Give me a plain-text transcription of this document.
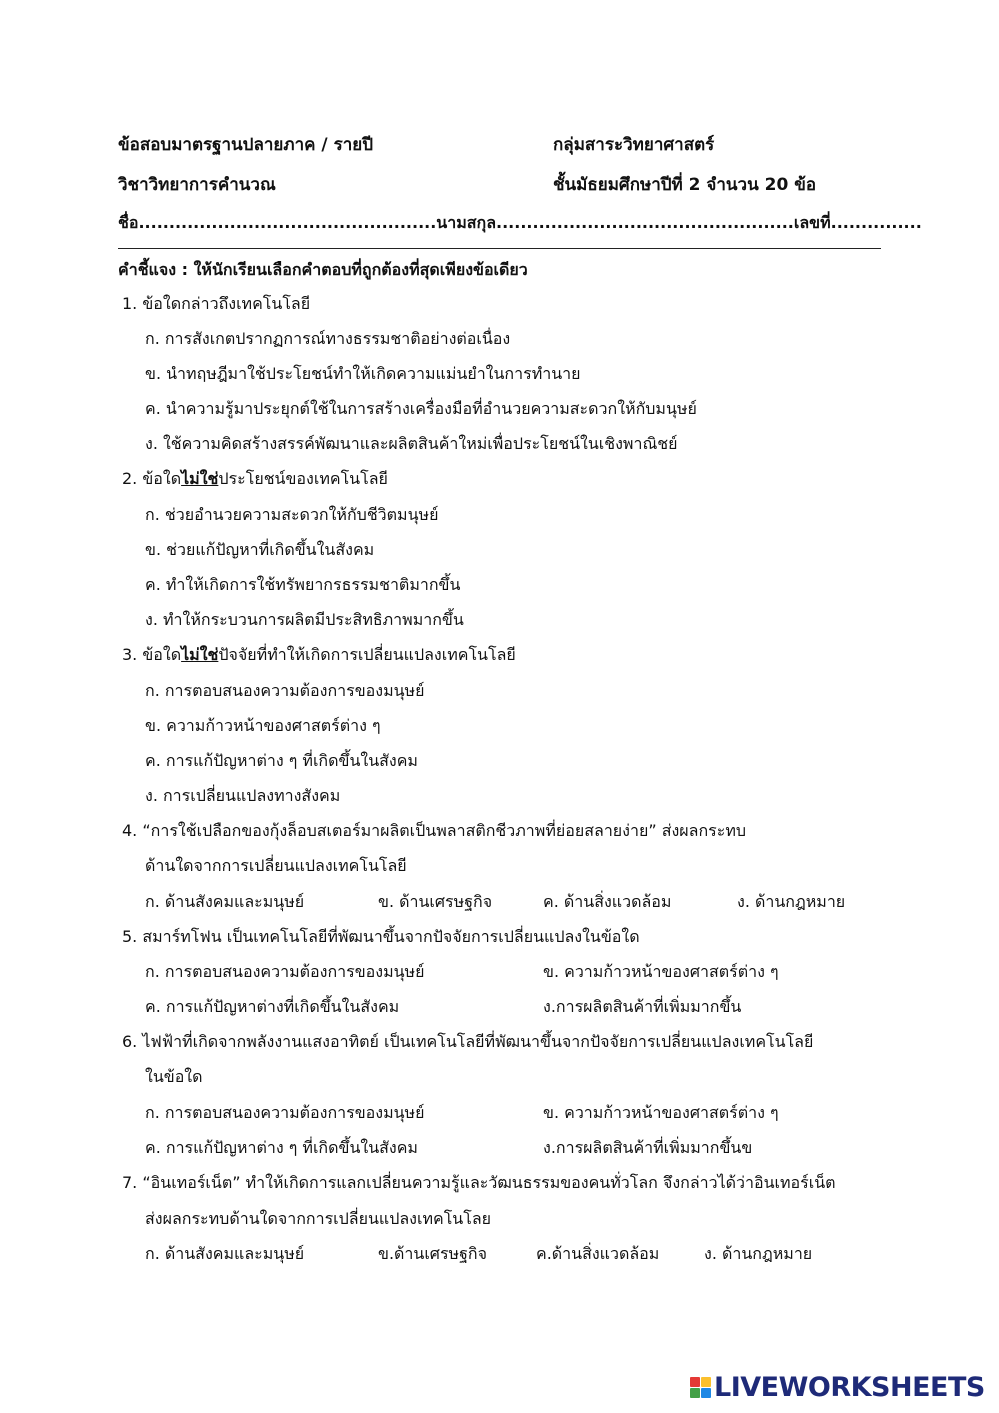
ข้อสอบมาตรฐานปลายภาค / รายปี	กลุ่มสาระวิทยาศาสตร์
วิชาวิทยาการคำนวณ	ชั้นมัธยมศึกษาปีที่ 2 จำนวน 20 ข้อ
ชื่อ.................................................นามสกุล.................................................เลขที่...............
คำชี้แจง : ให้นักเรียนเลือกคำตอบที่ถูกต้องที่สุดเพียงข้อเดียว
1. ข้อใดกล่าวถึงเทคโนโลยี
ก. การสังเกตปรากฏการณ์ทางธรรมชาติอย่างต่อเนื่อง
ข. นำทฤษฎีมาใช้ประโยชน์ทำให้เกิดความแม่นยำในการทำนาย
ค. นำความรู้มาประยุกต์ใช้ในการสร้างเครื่องมือที่อำนวยความสะดวกให้กับมนุษย์
ง. ใช้ความคิดสร้างสรรค์พัฒนาและผลิตสินค้าใหม่เพื่อประโยชน์ในเชิงพาณิชย์
2. ข้อใดไม่ใช่ประโยชน์ของเทคโนโลยี
ก. ช่วยอำนวยความสะดวกให้กับชีวิตมนุษย์
ข. ช่วยแก้ปัญหาที่เกิดขึ้นในสังคม
ค. ทำให้เกิดการใช้ทรัพยากรธรรมชาติมากขึ้น
ง. ทำให้กระบวนการผลิตมีประสิทธิภาพมากขึ้น
3. ข้อใดไม่ใช่ปัจจัยที่ทำให้เกิดการเปลี่ยนแปลงเทคโนโลยี
ก. การตอบสนองความต้องการของมนุษย์
ข. ความก้าวหน้าของศาสตร์ต่าง ๆ
ค. การแก้ปัญหาต่าง ๆ ที่เกิดขึ้นในสังคม
ง. การเปลี่ยนแปลงทางสังคม
4. “การใช้เปลือกของกุ้งล็อบสเตอร์มาผลิตเป็นพลาสติกชีวภาพที่ย่อยสลายง่าย” ส่งผลกระทบ
ด้านใดจากการเปลี่ยนแปลงเทคโนโลยี
ก. ด้านสังคมและมนุษย์	ข. ด้านเศรษฐกิจ	ค. ด้านสิ่งแวดล้อม	ง. ด้านกฎหมาย
5. สมาร์ทโฟน เป็นเทคโนโลยีที่พัฒนาขึ้นจากปัจจัยการเปลี่ยนแปลงในข้อใด
ก. การตอบสนองความต้องการของมนุษย์	ข. ความก้าวหน้าของศาสตร์ต่าง ๆ
ค. การแก้ปัญหาต่างที่เกิดขึ้นในสังคม	ง.การผลิตสินค้าที่เพิ่มมากขึ้น
6. ไฟฟ้าที่เกิดจากพลังงานแสงอาทิตย์ เป็นเทคโนโลยีที่พัฒนาขึ้นจากปัจจัยการเปลี่ยนแปลงเทคโนโลยี
ในข้อใด
ก. การตอบสนองความต้องการของมนุษย์	ข. ความก้าวหน้าของศาสตร์ต่าง ๆ
ค. การแก้ปัญหาต่าง ๆ ที่เกิดขึ้นในสังคม	ง.การผลิตสินค้าที่เพิ่มมากขึ้นข
7. “อินเทอร์เน็ต” ทำให้เกิดการแลกเปลี่ยนความรู้และวัฒนธรรมของคนทั่วโลก จึงกล่าวได้ว่าอินเทอร์เน็ต
ส่งผลกระทบด้านใดจากการเปลี่ยนแปลงเทคโนโลย
ก. ด้านสังคมและมนุษย์	ข.ด้านเศรษฐกิจ	ค.ด้านสิ่งแวดล้อม	ง. ด้านกฎหมาย
LIVEWORKSHEETS
